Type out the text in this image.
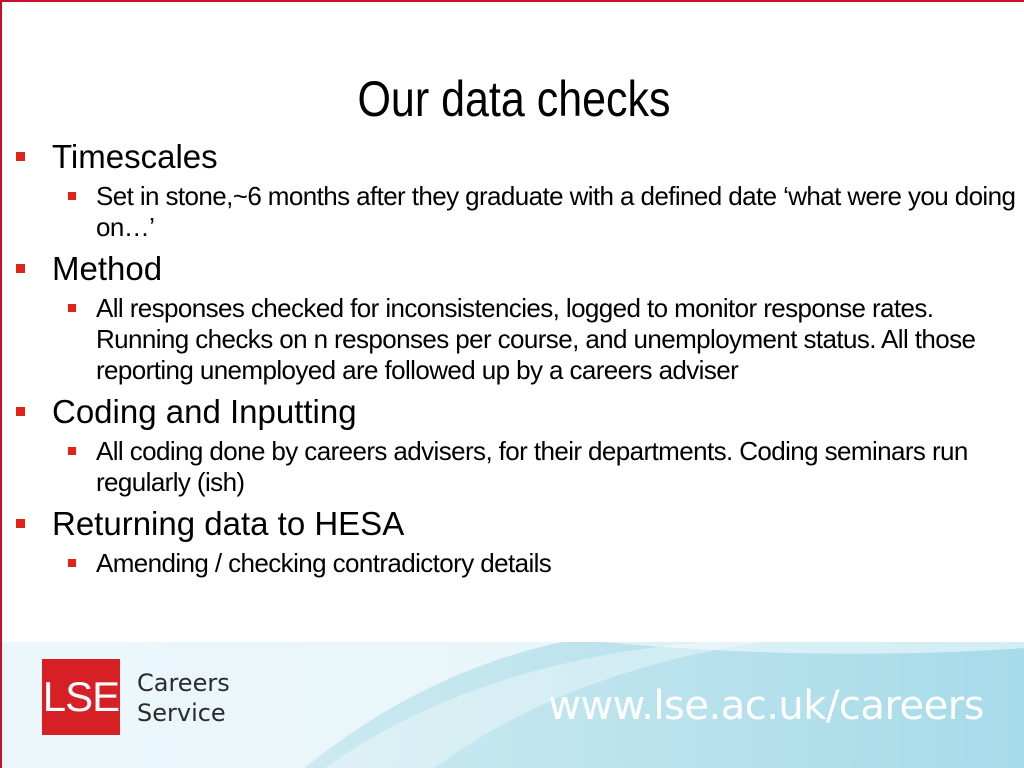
Our data checks
Timescales
Set in stone,~6 months after they graduate with a defined date ‘what were you doing on…’
Method
All responses checked for inconsistencies, logged to monitor response rates. Running checks on n responses per course, and unemployment status. All those reporting unemployed are followed up by a careers adviser
Coding and Inputting
All coding done by careers advisers, for their departments. Coding seminars run regularly (ish)
Returning data to HESA
Amending / checking contradictory details
LSE Careers
Service	www.lse.ac.uk/careers
